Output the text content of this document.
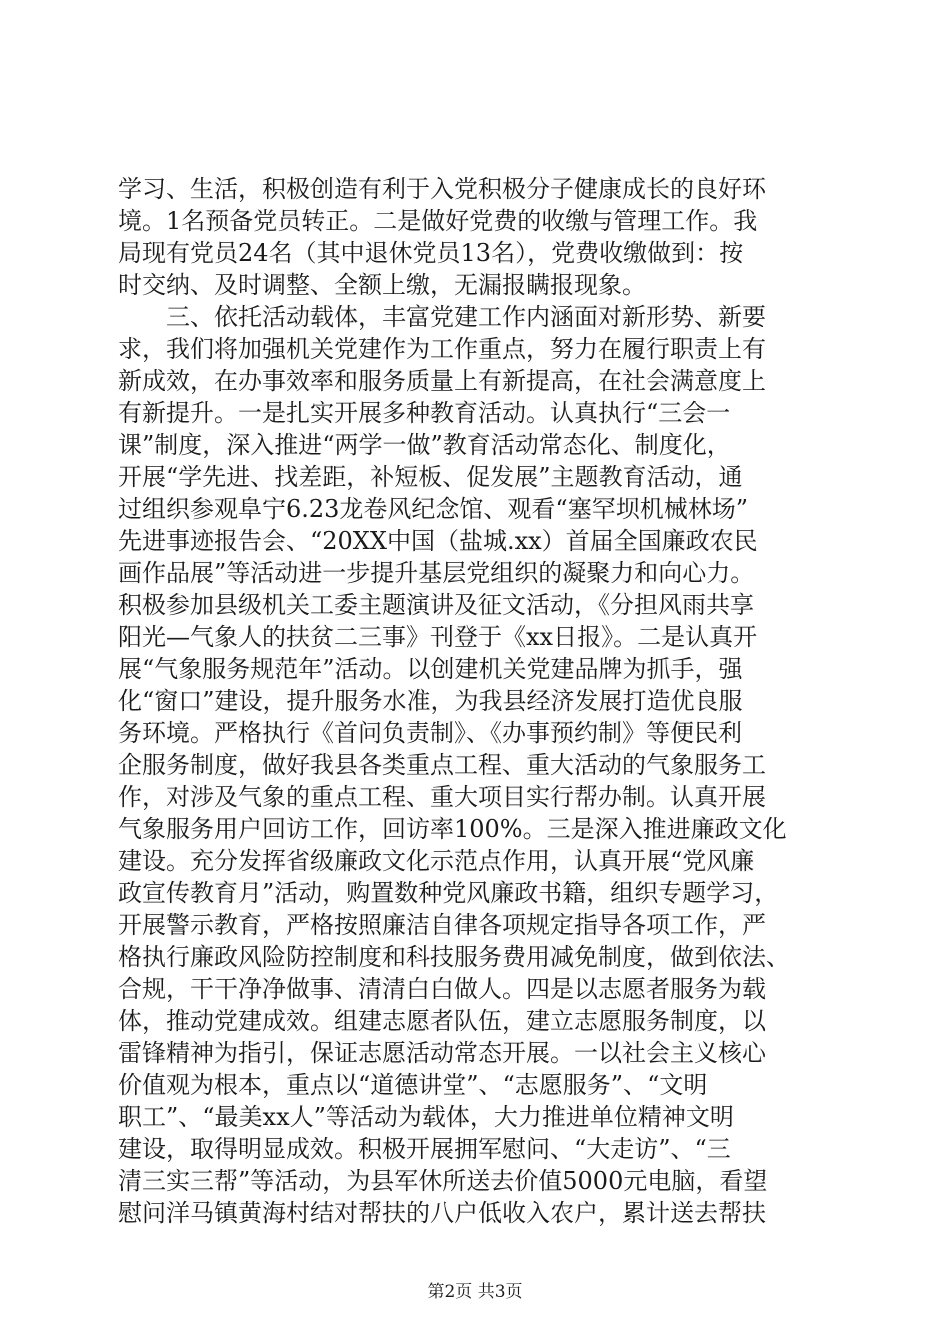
学习、生活，积极创造有利于入党积极分子健康成长的良好环
境。1名预备党员转正。二是做好党费的收缴与管理工作。我
局现有党员24名（其中退休党员13名），党费收缴做到：按
时交纳、及时调整、全额上缴，无漏报瞒报现象。
　　三、依托活动载体，丰富党建工作内涵面对新形势、新要
求，我们将加强机关党建作为工作重点，努力在履行职责上有
新成效，在办事效率和服务质量上有新提高，在社会满意度上
有新提升。一是扎实开展多种教育活动。认真执行“三会一
课”制度，深入推进“两学一做”教育活动常态化、制度化，
开展“学先进、找差距，补短板、促发展”主题教育活动，通
过组织参观阜宁6.23龙卷风纪念馆、观看“塞罕坝机械林场”
先进事迹报告会、“20XX中国（盐城.xx）首届全国廉政农民
画作品展”等活动进一步提升基层党组织的凝聚力和向心力。
积极参加县级机关工委主题演讲及征文活动，《分担风雨共享
阳光—气象人的扶贫二三事》刊登于《xx日报》。二是认真开
展“气象服务规范年”活动。以创建机关党建品牌为抓手，强
化“窗口”建设，提升服务水准，为我县经济发展打造优良服
务环境。严格执行《首问负责制》、《办事预约制》等便民利
企服务制度，做好我县各类重点工程、重大活动的气象服务工
作，对涉及气象的重点工程、重大项目实行帮办制。认真开展
气象服务用户回访工作，回访率100%。三是深入推进廉政文化
建设。充分发挥省级廉政文化示范点作用，认真开展“党风廉
政宣传教育月”活动，购置数种党风廉政书籍，组织专题学习，
开展警示教育，严格按照廉洁自律各项规定指导各项工作，严
格执行廉政风险防控制度和科技服务费用减免制度，做到依法、
合规，干干净净做事、清清白白做人。四是以志愿者服务为载
体，推动党建成效。组建志愿者队伍，建立志愿服务制度，以
雷锋精神为指引，保证志愿活动常态开展。一以社会主义核心
价值观为根本，重点以“道德讲堂”、“志愿服务”、“文明
职工”、“最美xx人”等活动为载体，大力推进单位精神文明
建设，取得明显成效。积极开展拥军慰问、“大走访”、“三
清三实三帮”等活动，为县军休所送去价值5000元电脑，看望
慰问洋马镇黄海村结对帮扶的八户低收入农户，累计送去帮扶
第2页 共3页
